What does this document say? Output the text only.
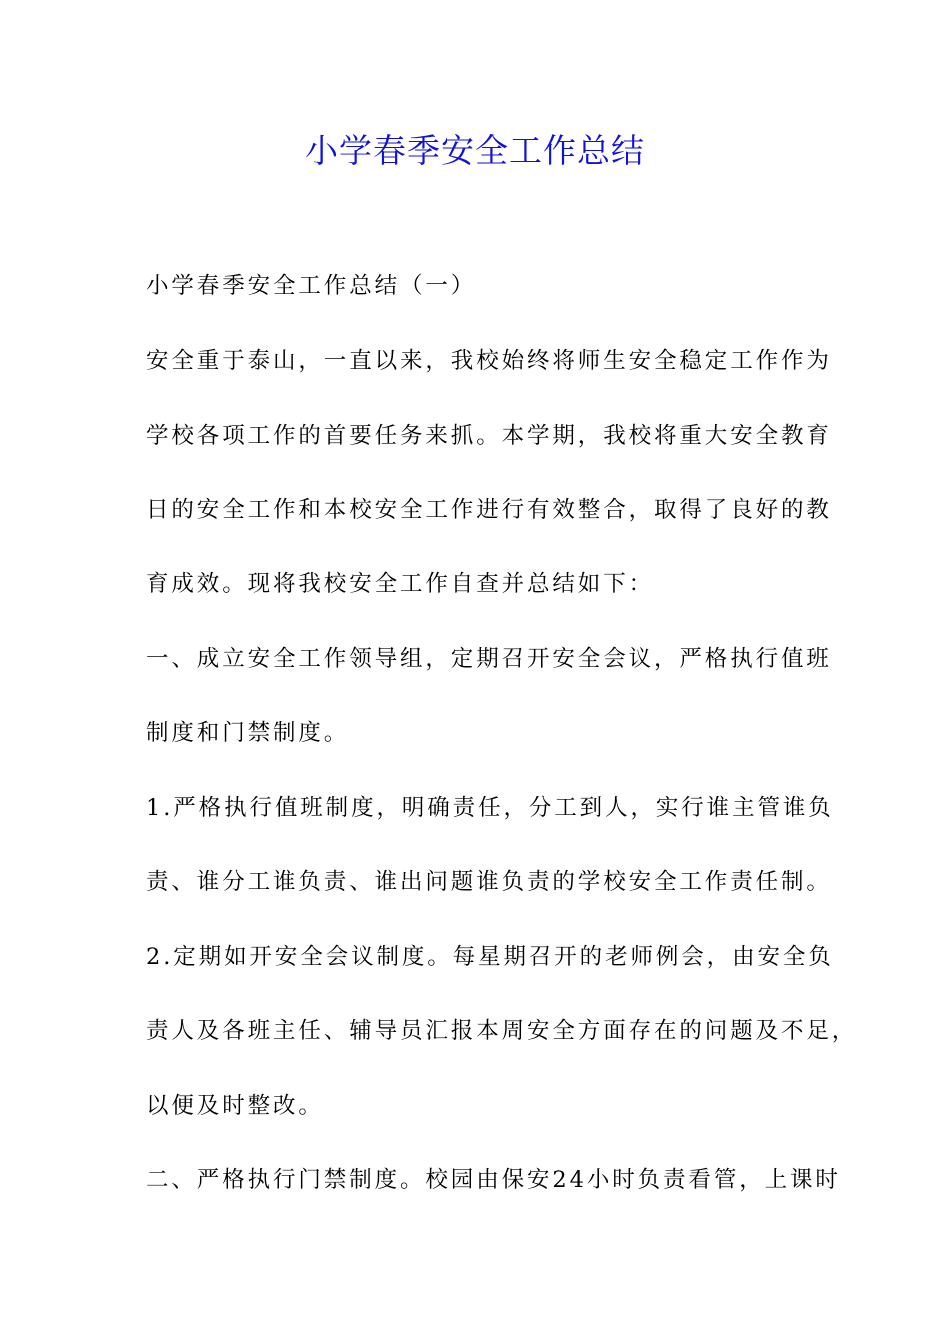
小学春季安全工作总结
小学春季安全工作总结（一）
安全重于泰山，一直以来，我校始终将师生安全稳定工作作为
学校各项工作的首要任务来抓。本学期，我校将重大安全教育
日的安全工作和本校安全工作进行有效整合，取得了良好的教
育成效。现将我校安全工作自查并总结如下：
一、成立安全工作领导组，定期召开安全会议，严格执行值班
制度和门禁制度。
1.严格执行值班制度，明确责任，分工到人，实行谁主管谁负
责、谁分工谁负责、谁出问题谁负责的学校安全工作责任制。
2.定期如开安全会议制度。每星期召开的老师例会，由安全负
责人及各班主任、辅导员汇报本周安全方面存在的问题及不足，
以便及时整改。
二、严格执行门禁制度。校园由保安24小时负责看管，上课时
